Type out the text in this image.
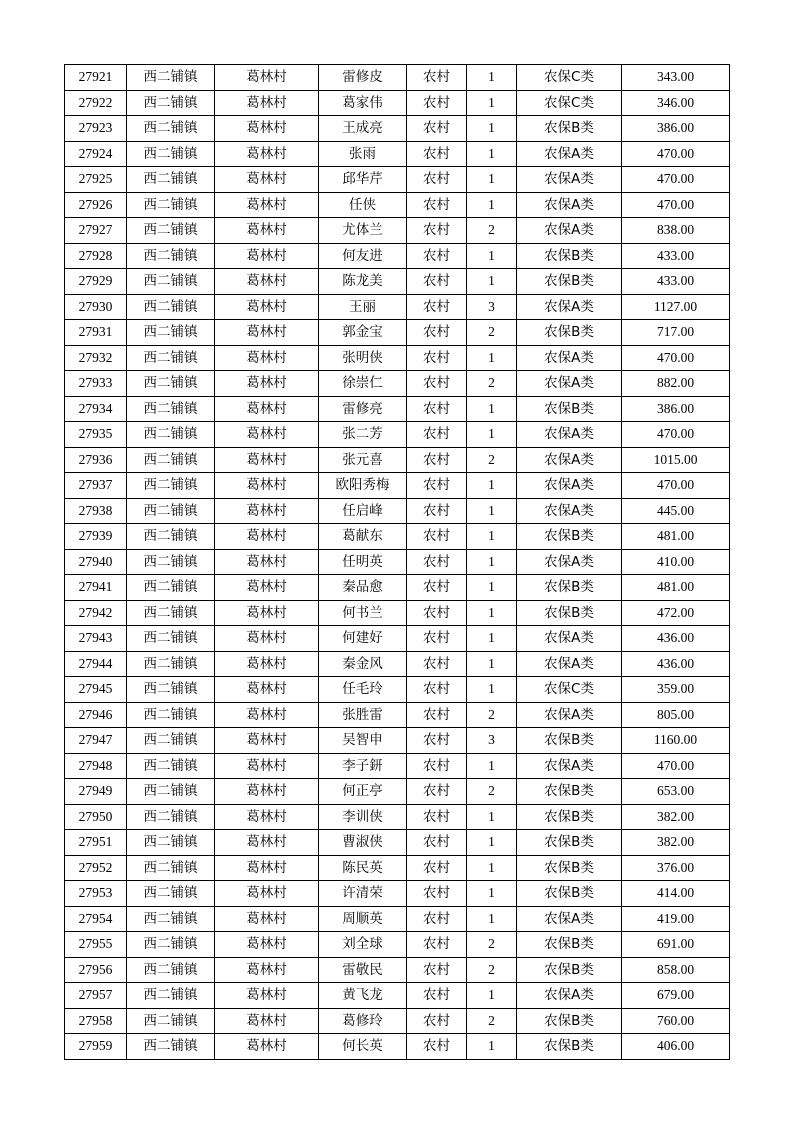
27921	西二铺镇	葛林村	雷修皮	农村	1	农保C类	343.00
27922	西二铺镇	葛林村	葛家伟	农村	1	农保C类	346.00
27923	西二铺镇	葛林村	王成亮	农村	1	农保B类	386.00
27924	西二铺镇	葛林村	张雨	农村	1	农保A类	470.00
27925	西二铺镇	葛林村	邱华芹	农村	1	农保A类	470.00
27926	西二铺镇	葛林村	任侠	农村	1	农保A类	470.00
27927	西二铺镇	葛林村	尤体兰	农村	2	农保A类	838.00
27928	西二铺镇	葛林村	何友进	农村	1	农保B类	433.00
27929	西二铺镇	葛林村	陈龙美	农村	1	农保B类	433.00
27930	西二铺镇	葛林村	王丽	农村	3	农保A类	1127.00
27931	西二铺镇	葛林村	郭金宝	农村	2	农保B类	717.00
27932	西二铺镇	葛林村	张明侠	农村	1	农保A类	470.00
27933	西二铺镇	葛林村	徐崇仁	农村	2	农保A类	882.00
27934	西二铺镇	葛林村	雷修亮	农村	1	农保B类	386.00
27935	西二铺镇	葛林村	张二芳	农村	1	农保A类	470.00
27936	西二铺镇	葛林村	张元喜	农村	2	农保A类	1015.00
27937	西二铺镇	葛林村	欧阳秀梅	农村	1	农保A类	470.00
27938	西二铺镇	葛林村	任启峰	农村	1	农保A类	445.00
27939	西二铺镇	葛林村	葛献东	农村	1	农保B类	481.00
27940	西二铺镇	葛林村	任明英	农村	1	农保A类	410.00
27941	西二铺镇	葛林村	秦品愈	农村	1	农保B类	481.00
27942	西二铺镇	葛林村	何书兰	农村	1	农保B类	472.00
27943	西二铺镇	葛林村	何建好	农村	1	农保A类	436.00
27944	西二铺镇	葛林村	秦金风	农村	1	农保A类	436.00
27945	西二铺镇	葛林村	任毛玲	农村	1	农保C类	359.00
27946	西二铺镇	葛林村	张胜雷	农村	2	农保A类	805.00
27947	西二铺镇	葛林村	吴智申	农村	3	农保B类	1160.00
27948	西二铺镇	葛林村	李子鈃	农村	1	农保A类	470.00
27949	西二铺镇	葛林村	何正亭	农村	2	农保B类	653.00
27950	西二铺镇	葛林村	李训侠	农村	1	农保B类	382.00
27951	西二铺镇	葛林村	曹淑侠	农村	1	农保B类	382.00
27952	西二铺镇	葛林村	陈民英	农村	1	农保B类	376.00
27953	西二铺镇	葛林村	许清荣	农村	1	农保B类	414.00
27954	西二铺镇	葛林村	周顺英	农村	1	农保A类	419.00
27955	西二铺镇	葛林村	刘全球	农村	2	农保B类	691.00
27956	西二铺镇	葛林村	雷敬民	农村	2	农保B类	858.00
27957	西二铺镇	葛林村	黄飞龙	农村	1	农保A类	679.00
27958	西二铺镇	葛林村	葛修玲	农村	2	农保B类	760.00
27959	西二铺镇	葛林村	何长英	农村	1	农保B类	406.00
